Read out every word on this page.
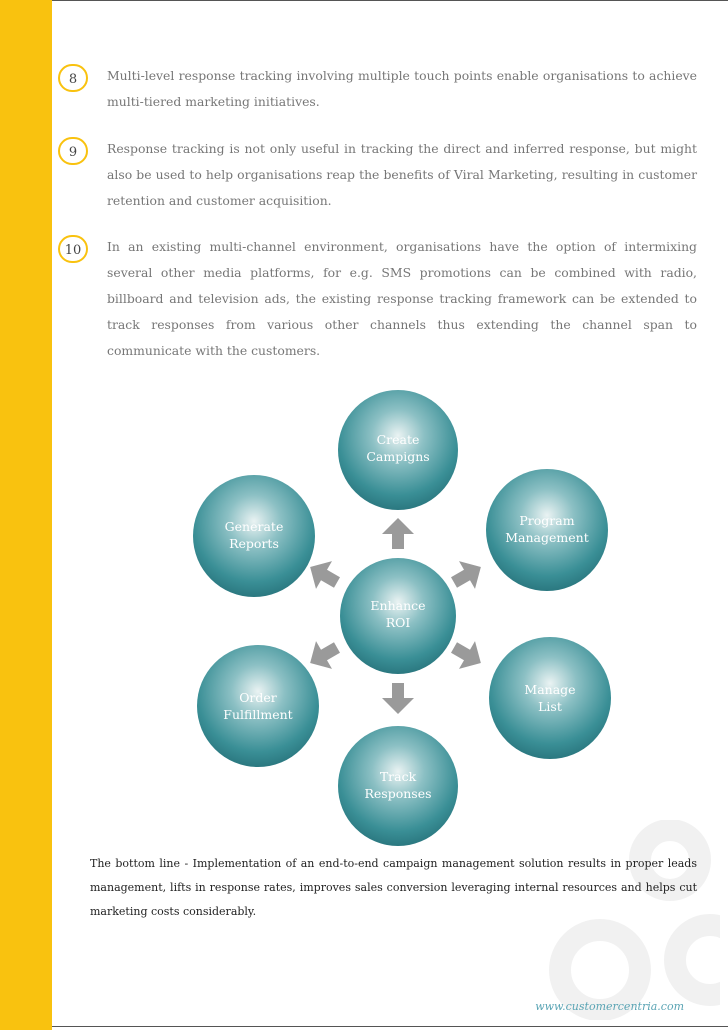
8	Multi-level response tracking involving multiple touch points enable organisations to achieve multi-tiered marketing initiatives.

9	Response tracking is not only useful in tracking the direct and inferred response, but might also be used to help organisations reap the benefits of Viral Marketing, resulting in customer retention and customer acquisition.

10	In an existing multi-channel environment, organisations have the option of intermixing several other media platforms, for e.g. SMS promotions can be combined with radio, billboard and television ads, the existing response tracking framework can be extended to track responses from various other channels thus extending the channel span to communicate with the customers.

Enhance
ROI
Create
Campigns
Program
Management
Manage
List
Track
Responses
Order
Fulfillment
Generate
Reports

The bottom line - Implementation of an end-to-end campaign management solution results in proper leads management, lifts in response rates, improves sales conversion leveraging internal resources and helps cut marketing costs considerably.

www.customercentria.com
